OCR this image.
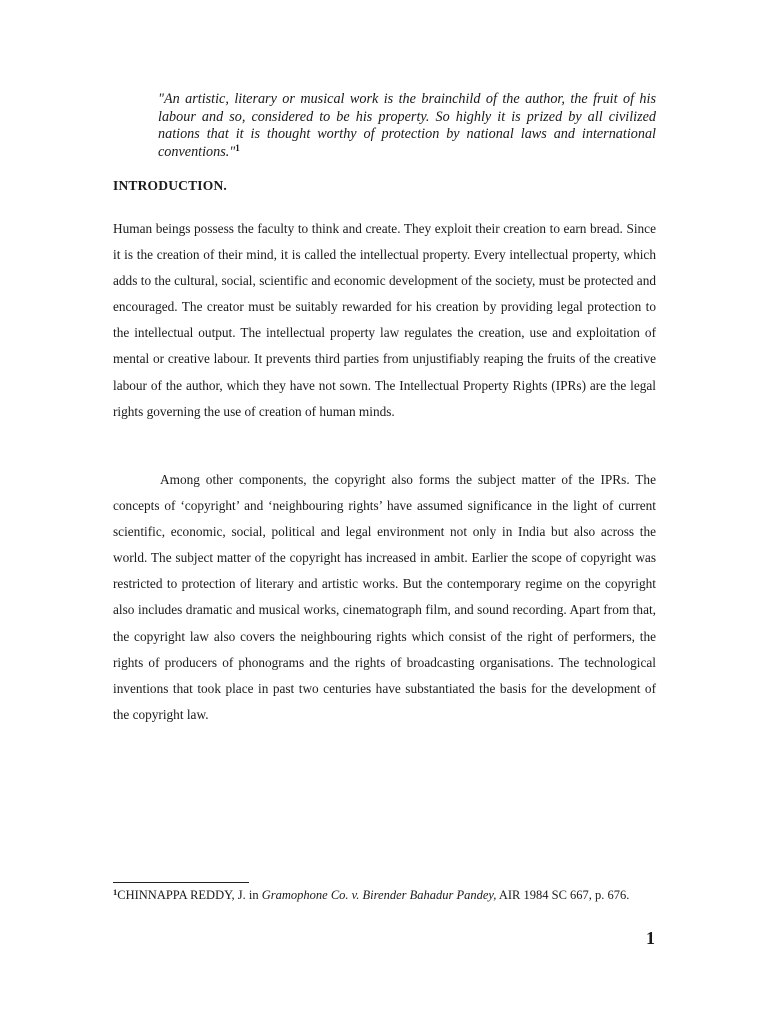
"An artistic, literary or musical work is the brainchild of the author, the fruit of his labour and so, considered to be his property. So highly it is prized by all civilized nations that it is thought worthy of protection by national laws and international conventions."$^1$

INTRODUCTION.

Human beings possess the faculty to think and create. They exploit their creation to earn bread. Since it is the creation of their mind, it is called the intellectual property. Every intellectual property, which adds to the cultural, social, scientific and economic development of the society, must be protected and encouraged. The creator must be suitably rewarded for his creation by providing legal protection to the intellectual output. The intellectual property law regulates the creation, use and exploitation of mental or creative labour. It prevents third parties from unjustifiably reaping the fruits of the creative labour of the author, which they have not sown. The Intellectual Property Rights (IPRs) are the legal rights governing the use of creation of human minds.

Among other components, the copyright also forms the subject matter of the IPRs. The concepts of ‘copyright’ and ‘neighbouring rights’ have assumed significance in the light of current scientific, economic, social, political and legal environment not only in India but also across the world. The subject matter of the copyright has increased in ambit. Earlier the scope of copyright was restricted to protection of literary and artistic works. But the contemporary regime on the copyright also includes dramatic and musical works, cinematograph film, and sound recording. Apart from that, the copyright law also covers the neighbouring rights which consist of the right of performers, the rights of producers of phonograms and the rights of broadcasting organisations. The technological inventions that took place in past two centuries have substantiated the basis for the development of the copyright law.

$^1$CHINNAPPA REDDY, J. in Gramophone Co. v. Birender Bahadur Pandey, AIR 1984 SC 667, p. 676.
1
